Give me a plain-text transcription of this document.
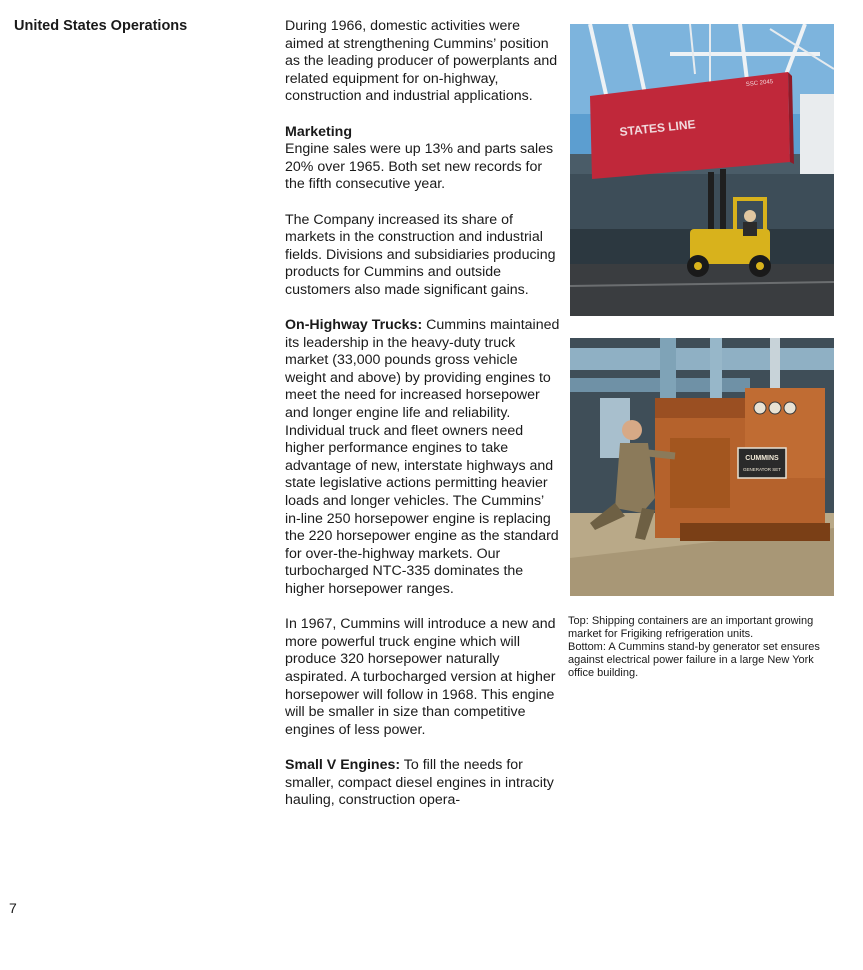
United States Operations	During 1966, domestic activities were aimed at strengthening Cummins’ position as the leading producer of powerplants and related equipment for on-highway, construction and industrial applications.

Marketing

Engine sales were up 13% and parts sales 20% over 1965. Both set new records for the fifth consecutive year.

The Company increased its share of markets in the construction and industrial fields. Divisions and subsidiaries producing products for Cummins and outside customers also made significant gains.

On-Highway Trucks: Cummins maintained its leadership in the heavy-duty truck market (33,000 pounds gross vehicle weight and above) by providing engines to meet the need for increased horsepower and longer engine life and reliability. Individual truck and fleet owners need higher performance engines to take advantage of new, interstate highways and state legislative actions permitting heavier loads and longer vehicles. The Cummins’ in-line 250 horsepower engine is replacing the 220 horsepower engine as the standard for over-the-highway markets. Our turbocharged NTC-335 dominates the higher horsepower ranges.

In 1967, Cummins will introduce a new and more powerful truck engine which will produce 320 horsepower naturally aspirated. A turbocharged version at higher horsepower will follow in 1968. This engine will be smaller in size than competitive engines of less power.

Small V Engines: To fill the needs for smaller, compact diesel engines in intracity hauling, construction opera-

STATES LINE
SSC 2045
CUMMINS
GENERATOR SET
Top: Shipping containers are an important growing market for Frigiking refrigeration units.
Bottom: A Cummins stand-by generator set ensures against electrical power failure in a large New York office building.
7
